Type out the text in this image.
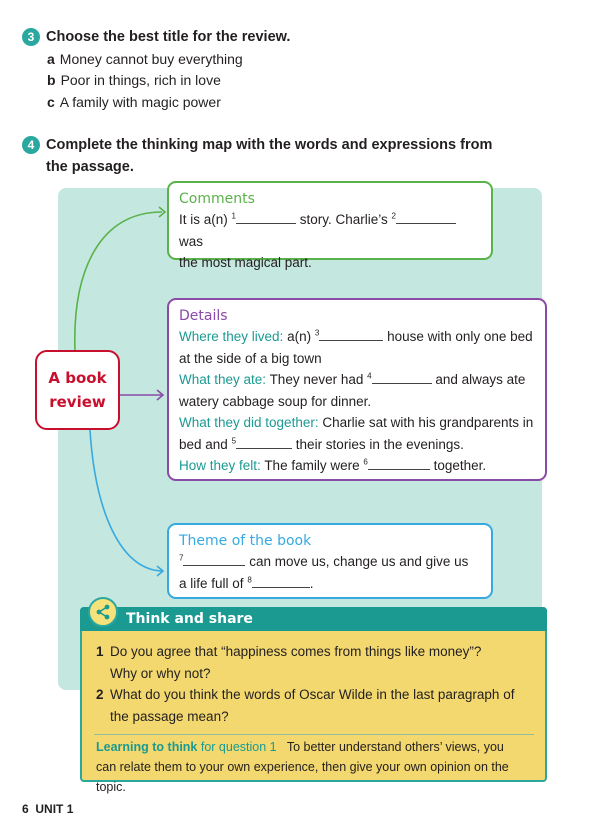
3 Choose the best title for the review.
a Money cannot buy everything
b Poor in things, rich in love
c A family with magic power
4 Complete the thinking map with the words and expressions from
the passage.
A book
review
Comments
It is a(n) $^1$	story. Charlie’s $^2$ was
the most magical part.
Details
Where they lived: a(n) $^3$	house with only one bed
at the side of a big town
What they ate: They never had $^4$	and always ate
watery cabbage soup for dinner.
What they did together: Charlie sat with his grandparents in
bed and $^5$	their stories in the evenings.
How they felt: The family were $^6$	together.
Theme of the book
$^7$	can move us, change us and give us
a life full of $^8$	.
Think and share
1 Do you agree that “happiness comes from things like money”?
Why or why not?
2 What do you think the words of Oscar Wilde in the last paragraph of
the passage mean?
Learning to think for question 1 To better understand others’ views, you
can relate them to your own experience, then give your own opinion on the topic.
6 UNIT 1
